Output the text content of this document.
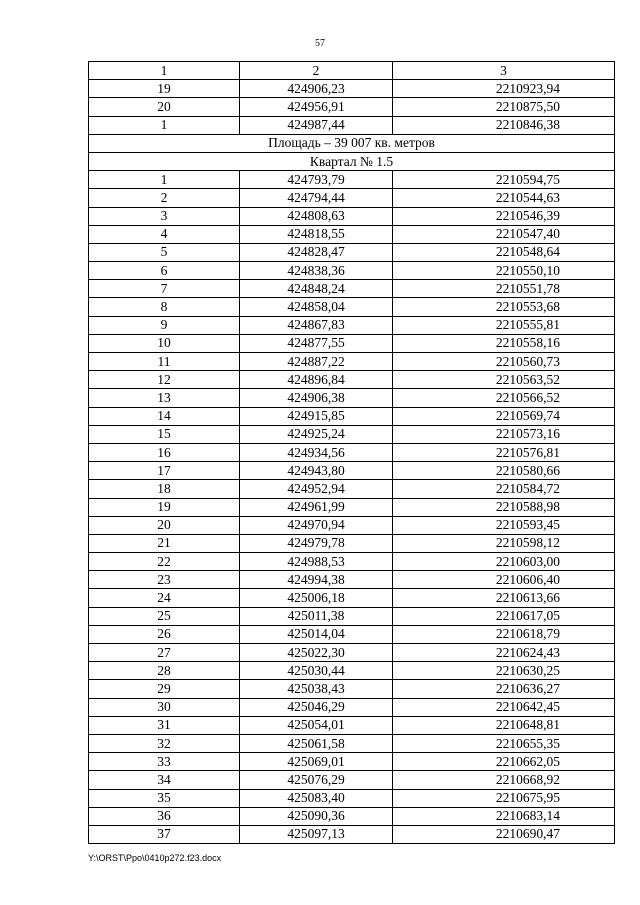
57
1	2	3
19	424906,23	2210923,94
20	424956,91	2210875,50
1	424987,44	2210846,38
Площадь – 39 007 кв. метров		
Квартал № 1.5		
1	424793,79	2210594,75
2	424794,44	2210544,63
3	424808,63	2210546,39
4	424818,55	2210547,40
5	424828,47	2210548,64
6	424838,36	2210550,10
7	424848,24	2210551,78
8	424858,04	2210553,68
9	424867,83	2210555,81
10	424877,55	2210558,16
11	424887,22	2210560,73
12	424896,84	2210563,52
13	424906,38	2210566,52
14	424915,85	2210569,74
15	424925,24	2210573,16
16	424934,56	2210576,81
17	424943,80	2210580,66
18	424952,94	2210584,72
19	424961,99	2210588,98
20	424970,94	2210593,45
21	424979,78	2210598,12
22	424988,53	2210603,00
23	424994,38	2210606,40
24	425006,18	2210613,66
25	425011,38	2210617,05
26	425014,04	2210618,79
27	425022,30	2210624,43
28	425030,44	2210630,25
29	425038,43	2210636,27
30	425046,29	2210642,45
31	425054,01	2210648,81
32	425061,58	2210655,35
33	425069,01	2210662,05
34	425076,29	2210668,92
35	425083,40	2210675,95
36	425090,36	2210683,14
37	425097,13	2210690,47
Y:\ORST\Ppo\0410p272.f23.docx
